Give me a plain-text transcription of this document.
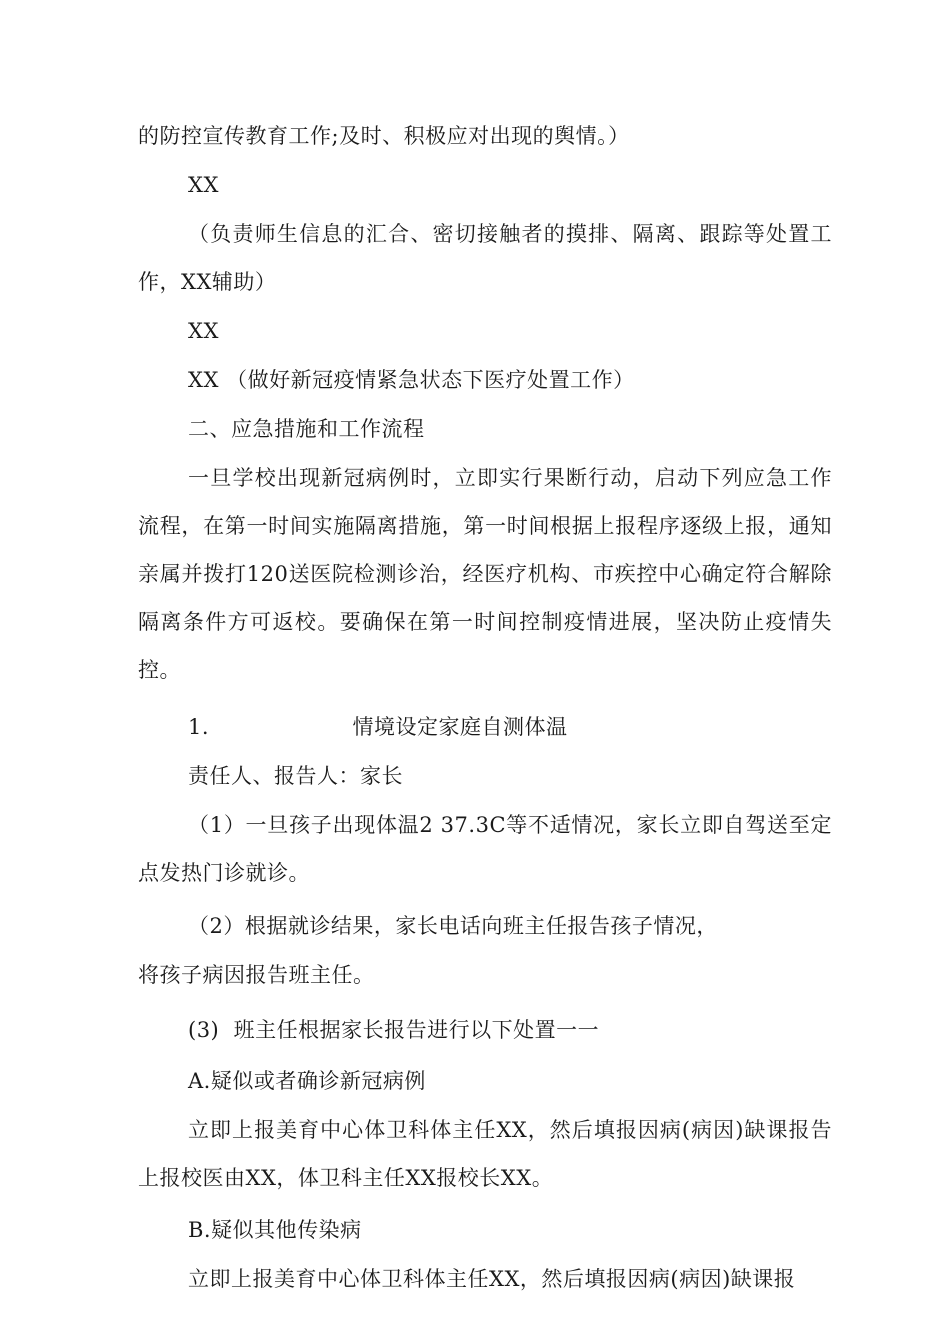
的防控宣传教育工作;及时、积极应对出现的舆情。）

XX

（负责师生信息的汇合、密切接触者的摸排、隔离、跟踪等处置工作，XX辅助）

XX

XX （做好新冠疫情紧急状态下医疗处置工作）

二、应急措施和工作流程

一旦学校出现新冠病例时，立即实行果断行动，启动下列应急工作流程，在第一时间实施隔离措施，第一时间根据上报程序逐级上报，通知亲属并拨打120送医院检测诊治，经医疗机构、市疾控中心确定符合解除隔离条件方可返校。要确保在第一时间控制疫情进展，坚决防止疫情失控。

1.                    情境设定家庭自测体温

责任人、报告人：家长

（1）一旦孩子出现体温2 37.3C等不适情况，家长立即自驾送至定点发热门诊就诊。

（2）根据就诊结果，家长电话向班主任报告孩子情况，

将孩子病因报告班主任。

(3)  班主任根据家长报告进行以下处置一一

A.疑似或者确诊新冠病例

立即上报美育中心体卫科体主任XX，然后填报因病(病因)缺课报告上报校医由XX，体卫科主任XX报校长XX。

B.疑似其他传染病

立即上报美育中心体卫科体主任XX，然后填报因病(病因)缺课报
